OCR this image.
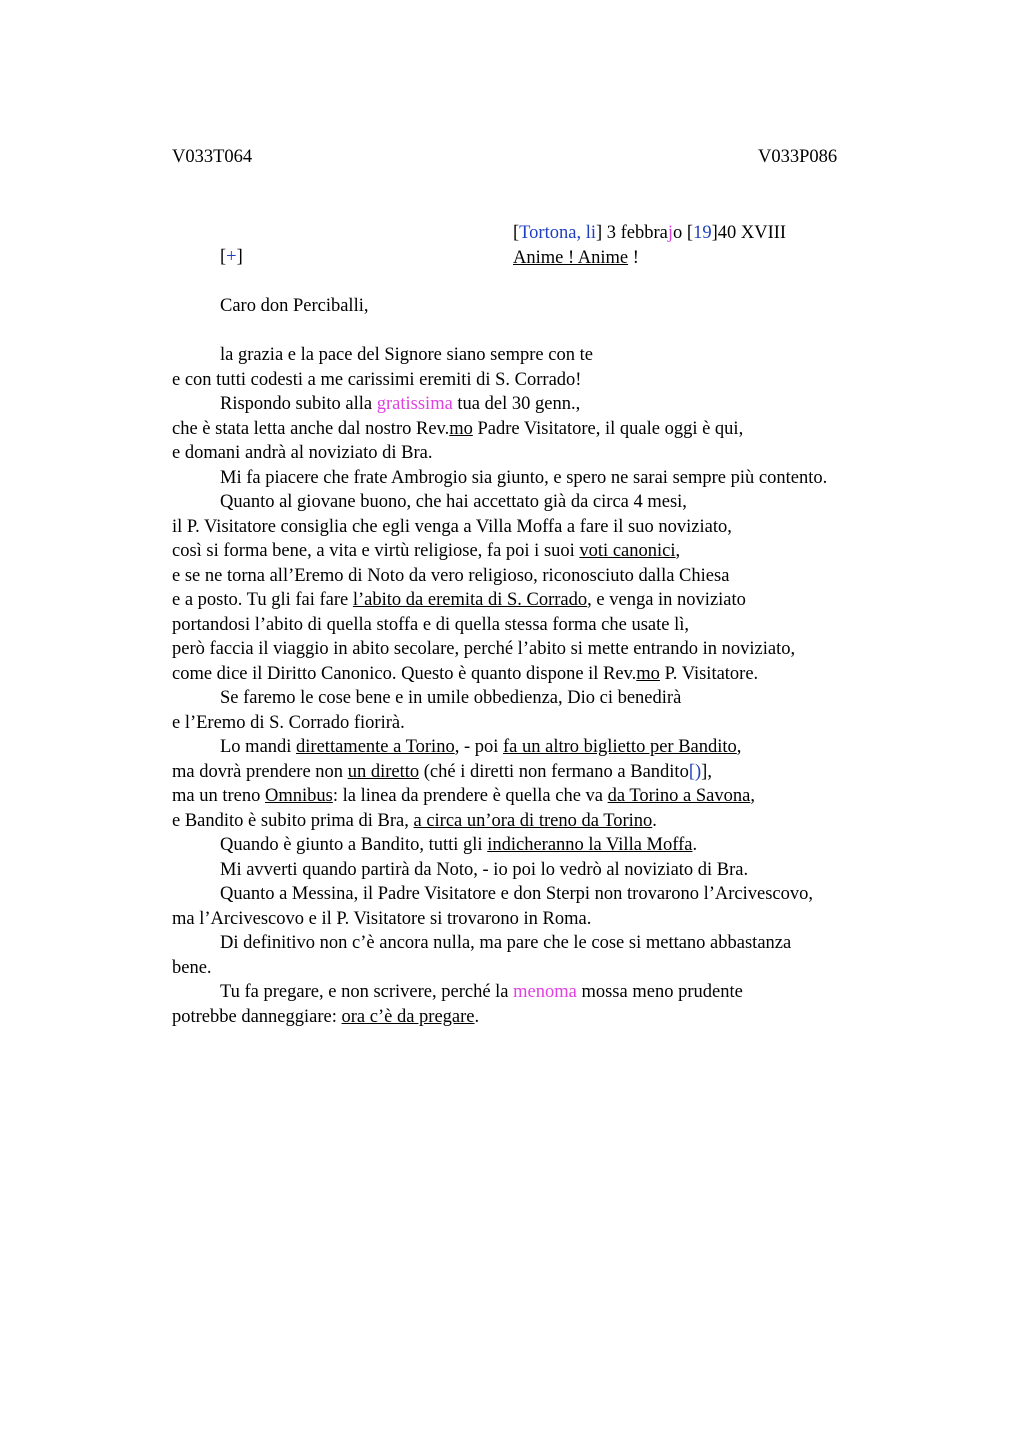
V033T064	V033P086
[Tortona, li] 3 febbrajo [19]40 XVIII
Anime ! Anime !
[+]
Caro don Perciballi,
la grazia e la pace del Signore siano sempre con te
e con tutti codesti a me carissimi eremiti di S. Corrado!
Rispondo subito alla gratissima tua del 30 genn.,
che è stata letta anche dal nostro Rev.mo Padre Visitatore, il quale oggi è qui,
e domani andrà al noviziato di Bra.
Mi fa piacere che frate Ambrogio sia giunto, e spero ne sarai sempre più contento.
Quanto al giovane buono, che hai accettato già da circa 4 mesi,
il P. Visitatore consiglia che egli venga a Villa Moffa a fare il suo noviziato,
così si forma bene, a vita e virtù religiose, fa poi i suoi voti canonici,
e se ne torna all’Eremo di Noto da vero religioso, riconosciuto dalla Chiesa
e a posto. Tu gli fai fare l’abito da eremita di S. Corrado, e venga in noviziato
portandosi l’abito di quella stoffa e di quella stessa forma che usate lì,
però faccia il viaggio in abito secolare, perché l’abito si mette entrando in noviziato,
come dice il Diritto Canonico. Questo è quanto dispone il Rev.mo P. Visitatore.
Se faremo le cose bene e in umile obbedienza, Dio ci benedirà
e l’Eremo di S. Corrado fiorirà.
Lo mandi direttamente a Torino, - poi fa un altro biglietto per Bandito,
ma dovrà prendere non un diretto (ché i diretti non fermano a Bandito[)],
ma un treno Omnibus: la linea da prendere è quella che va da Torino a Savona,
e Bandito è subito prima di Bra, a circa un’ora di treno da Torino.
Quando è giunto a Bandito, tutti gli indicheranno la Villa Moffa.
Mi avverti quando partirà da Noto, - io poi lo vedrò al noviziato di Bra.
Quanto a Messina, il Padre Visitatore e don Sterpi non trovarono l’Arcivescovo,
ma l’Arcivescovo e il P. Visitatore si trovarono in Roma.
Di definitivo non c’è ancora nulla, ma pare che le cose si mettano abbastanza
bene.
Tu fa pregare, e non scrivere, perché la menoma mossa meno prudente
potrebbe danneggiare: ora c’è da pregare.
